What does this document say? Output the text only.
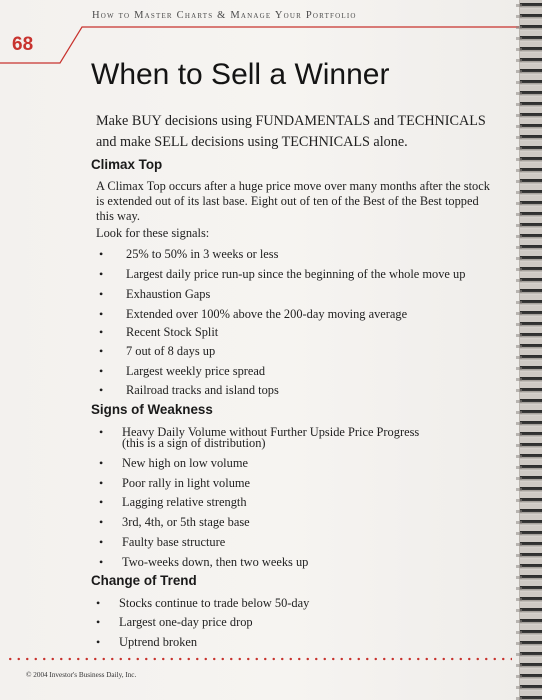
How to Master Charts & Manage Your Portfolio
68
When to Sell a Winner

Make BUY decisions using FUNDAMENTALS and TECHNICALS and make SELL decisions using TECHNICALS alone.

Climax Top

A Climax Top occurs after a huge price move over many months after the stock is extended out of its last base. Eight out of ten of the Best of the Best topped this way.

Look for these signals:

• 25% to 50% in 3 weeks or less
• Largest daily price run-up since the beginning of the whole move up
• Exhaustion Gaps
• Extended over 100% above the 200-day moving average
• Recent Stock Split
• 7 out of 8 days up
• Largest weekly price spread
• Railroad tracks and island tops
Signs of Weakness
• Heavy Daily Volume without Further Upside Price Progress
(this is a sign of distribution)
• New high on low volume
• Poor rally in light volume
• Lagging relative strength
• 3rd, 4th, or 5th stage base
• Faulty base structure
• Two-weeks down, then two weeks up
Change of Trend
• Stocks continue to trade below 50-day
• Largest one-day price drop
• Uptrend broken
© 2004 Investor's Business Daily, Inc.
